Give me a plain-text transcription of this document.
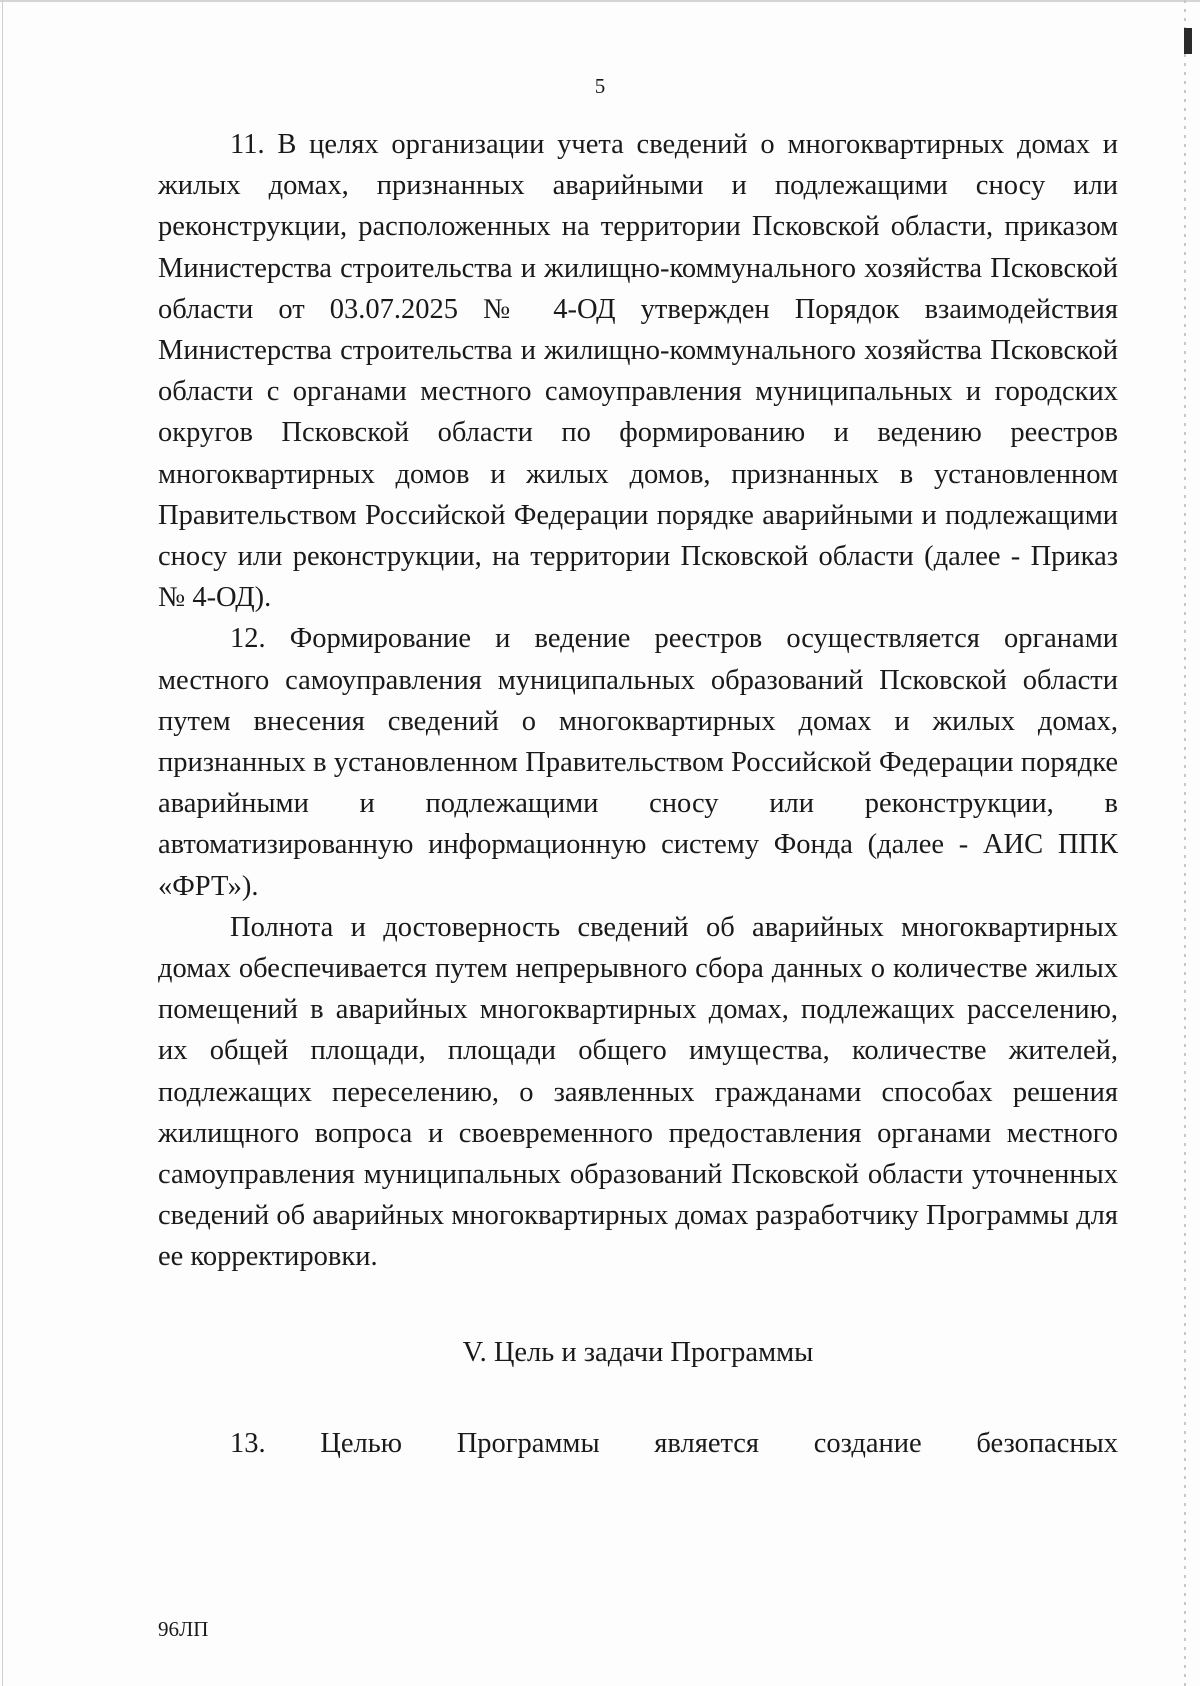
5

11. В целях организации учета сведений о многоквартирных домах и жилых домах, признанных аварийными и подлежащими сносу или реконструкции, расположенных на территории Псковской области, приказом Министерства строительства и жилищно-коммунального хозяйства Псковской области от 03.07.2025 № 4-ОД утвержден Порядок взаимодействия Министерства строительства и жилищно-коммунального хозяйства Псковской области с органами местного самоуправления муниципальных и городских округов Псковской области по формированию и ведению реестров многоквартирных домов и жилых домов, признанных в установленном Правительством Российской Федерации порядке аварийными и подлежащими сносу или реконструкции, на территории Псковской области (далее - Приказ № 4-ОД).

12. Формирование и ведение реестров осуществляется органами местного самоуправления муниципальных образований Псковской области путем внесения сведений о многоквартирных домах и жилых домах, признанных в установленном Правительством Российской Федерации порядке аварийными и подлежащими сносу или реконструкции, в автоматизированную информационную систему Фонда (далее - АИС ППК «ФРТ»).

Полнота и достоверность сведений об аварийных многоквартирных домах обеспечивается путем непрерывного сбора данных о количестве жилых помещений в аварийных многоквартирных домах, подлежащих расселению, их общей площади, площади общего имущества, количестве жителей, подлежащих переселению, о заявленных гражданами способах решения жилищного вопроса и своевременного предоставления органами местного самоуправления муниципальных образований Псковской области уточненных сведений об аварийных многоквартирных домах разработчику Программы для ее корректировки.

V. Цель и задачи Программы

13. Целью Программы является создание безопасных

96ЛП
